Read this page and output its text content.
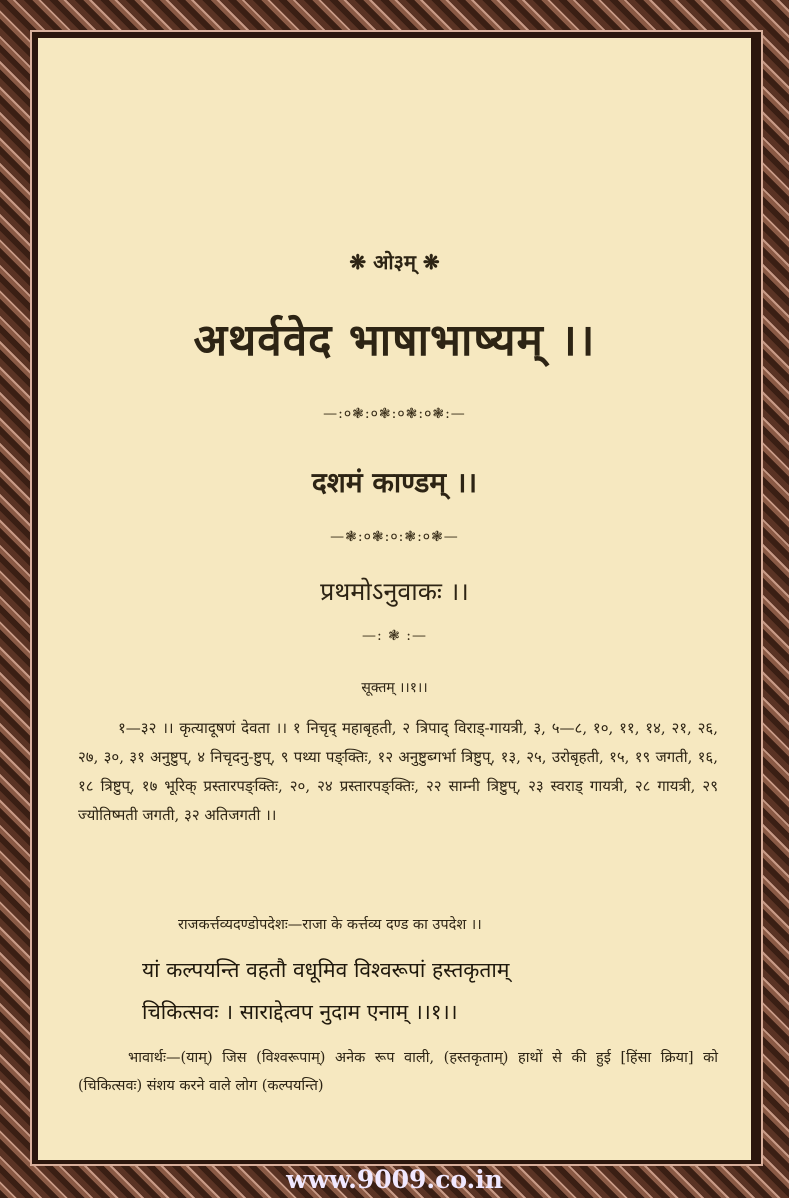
❋ ओ३म् ❋
अथर्ववेद भाषाभाष्यम् ।।
—:०❃:०❃:०❃:०❃:—
दशमं काण्डम् ।।
—❃:०❃:०:❃:०❃—
प्रथमोऽनुवाकः ।।
—: ❃ :—
सूक्तम् ।।१।।
१—३२ ।। कृत्यादूषणं देवता ।। १ निचृद् महाबृहती, २ त्रिपाद् विराड्-गायत्री, ३, ५—८, १०, ११, १४, २१, २६, २७, ३०, ३१ अनुष्टुप्, ४ निचृदनु-ष्टुप्, ९ पथ्या पङ्क्तिः, १२ अनुष्टुब्गर्भा त्रिष्टुप्, १३, २५, उरोबृहती, १५, १९ जगती, १६, १८ त्रिष्टुप्, १७ भूरिक् प्रस्तारपङ्क्तिः, २०, २४ प्रस्तारपङ्क्तिः, २२ साम्नी त्रिष्टुप्, २३ स्वराड् गायत्री, २८ गायत्री, २९ ज्योतिष्मती जगती, ३२ अतिजगती ।।
राजकर्त्तव्यदण्डोपदेशः—राजा के कर्त्तव्य दण्ड का उपदेश ।।
यां कल्पयन्ति वहतौ वधूमिव विश्वरूपां हस्तकृताम्
चिकित्सवः । साराद्देत्वप नुदाम एनाम् ।।१।।
भावार्थः—(याम्) जिस (विश्वरूपाम्) अनेक रूप वाली, (हस्तकृताम्) हाथों से की हुई [हिंसा क्रिया] को (चिकित्सवः) संशय करने वाले लोग (कल्पयन्ति)
www.9009.co.in
